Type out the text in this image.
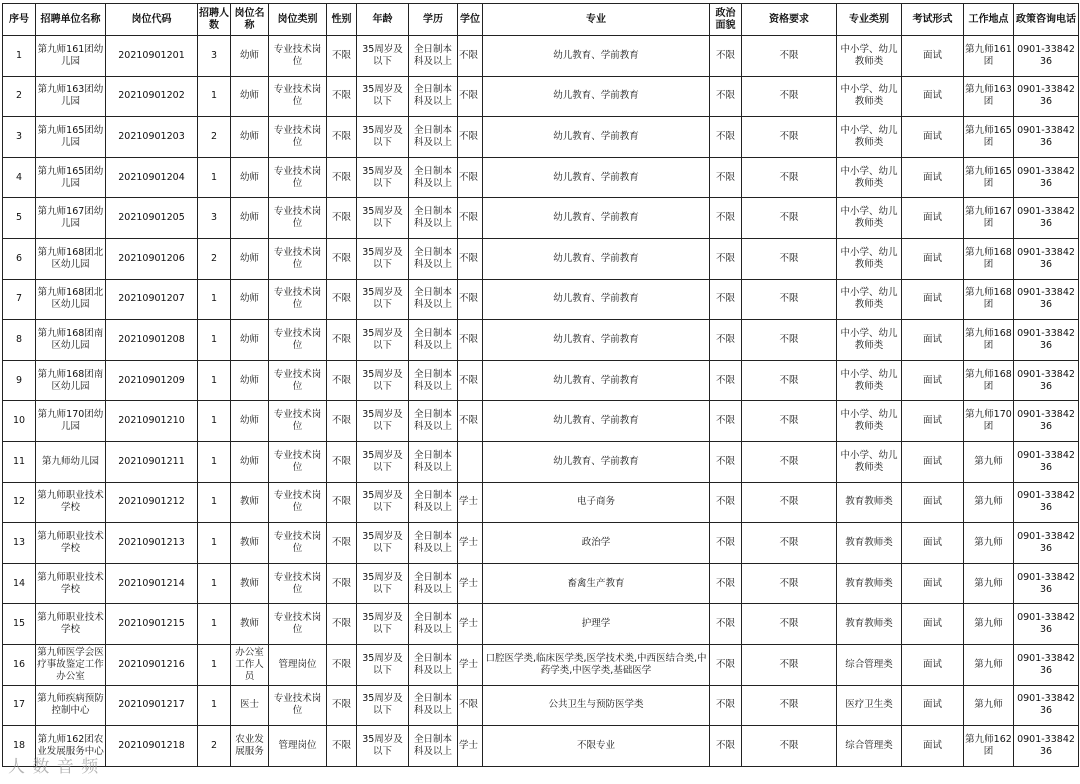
序号	招聘单位名称	岗位代码	招聘人数	岗位名称	岗位类别	性别	年龄	学历	学位	专业	政治面貌	资格要求	专业类别	考试形式	工作地点	政策咨询电话
1	第九师161团幼儿园	20210901201	3	幼师	专业技术岗位	不限	35周岁及以下	全日制本科及以上	不限	幼儿教育、学前教育	不限	不限	中小学、幼儿教师类	面试	第九师161团	0901-3384236
2	第九师163团幼儿园	20210901202	1	幼师	专业技术岗位	不限	35周岁及以下	全日制本科及以上	不限	幼儿教育、学前教育	不限	不限	中小学、幼儿教师类	面试	第九师163团	0901-3384236
3	第九师165团幼儿园	20210901203	2	幼师	专业技术岗位	不限	35周岁及以下	全日制本科及以上	不限	幼儿教育、学前教育	不限	不限	中小学、幼儿教师类	面试	第九师165团	0901-3384236
4	第九师165团幼儿园	20210901204	1	幼师	专业技术岗位	不限	35周岁及以下	全日制本科及以上	不限	幼儿教育、学前教育	不限	不限	中小学、幼儿教师类	面试	第九师165团	0901-3384236
5	第九师167团幼儿园	20210901205	3	幼师	专业技术岗位	不限	35周岁及以下	全日制本科及以上	不限	幼儿教育、学前教育	不限	不限	中小学、幼儿教师类	面试	第九师167团	0901-3384236
6	第九师168团北区幼儿园	20210901206	2	幼师	专业技术岗位	不限	35周岁及以下	全日制本科及以上	不限	幼儿教育、学前教育	不限	不限	中小学、幼儿教师类	面试	第九师168团	0901-3384236
7	第九师168团北区幼儿园	20210901207	1	幼师	专业技术岗位	不限	35周岁及以下	全日制本科及以上	不限	幼儿教育、学前教育	不限	不限	中小学、幼儿教师类	面试	第九师168团	0901-3384236
8	第九师168团南区幼儿园	20210901208	1	幼师	专业技术岗位	不限	35周岁及以下	全日制本科及以上	不限	幼儿教育、学前教育	不限	不限	中小学、幼儿教师类	面试	第九师168团	0901-3384236
9	第九师168团南区幼儿园	20210901209	1	幼师	专业技术岗位	不限	35周岁及以下	全日制本科及以上	不限	幼儿教育、学前教育	不限	不限	中小学、幼儿教师类	面试	第九师168团	0901-3384236
10	第九师170团幼儿园	20210901210	1	幼师	专业技术岗位	不限	35周岁及以下	全日制本科及以上	不限	幼儿教育、学前教育	不限	不限	中小学、幼儿教师类	面试	第九师170团	0901-3384236
11	第九师幼儿园	20210901211	1	幼师	专业技术岗位	不限	35周岁及以下	全日制本科及以上		幼儿教育、学前教育	不限	不限	中小学、幼儿教师类	面试	第九师	0901-3384236
12	第九师职业技术学校	20210901212	1	教师	专业技术岗位	不限	35周岁及以下	全日制本科及以上	学士	电子商务	不限	不限	教育教师类	面试	第九师	0901-3384236
13	第九师职业技术学校	20210901213	1	教师	专业技术岗位	不限	35周岁及以下	全日制本科及以上	学士	政治学	不限	不限	教育教师类	面试	第九师	0901-3384236
14	第九师职业技术学校	20210901214	1	教师	专业技术岗位	不限	35周岁及以下	全日制本科及以上	学士	畜禽生产教育	不限	不限	教育教师类	面试	第九师	0901-3384236
15	第九师职业技术学校	20210901215	1	教师	专业技术岗位	不限	35周岁及以下	全日制本科及以上	学士	护理学	不限	不限	教育教师类	面试	第九师	0901-3384236
16	第九师医学会医疗事故鉴定工作办公室	20210901216	1	办公室工作人员	管理岗位	不限	35周岁及以下	全日制本科及以上	学士	口腔医学类,临床医学类,医学技术类,中西医结合类,中药学类,中医学类,基础医学	不限	不限	综合管理类	面试	第九师	0901-3384236
17	第九师疾病预防控制中心	20210901217	1	医士	专业技术岗位	不限	35周岁及以下	全日制本科及以上	不限	公共卫生与预防医学类	不限	不限	医疗卫生类	面试	第九师	0901-3384236
18	第九师162团农业发展服务中心	20210901218	2	农业发展服务	管理岗位	不限	35周岁及以下	全日制本科及以上	学士	不限专业	不限	不限	综合管理类	面试	第九师162团	0901-3384236
人 数 音 频
